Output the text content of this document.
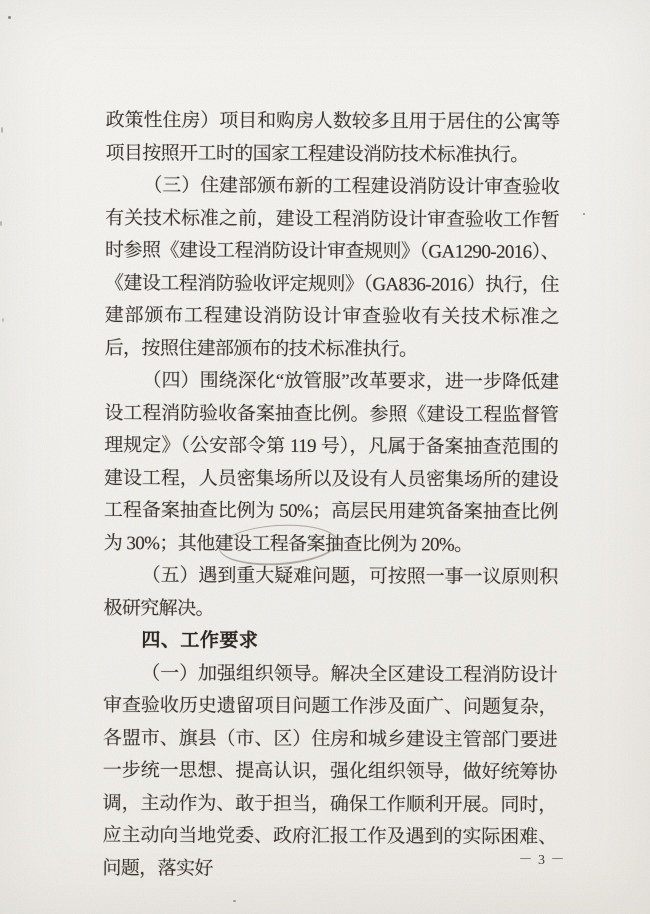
政策性住房）项目和购房人数较多且用于居住的公寓等项目按照开工时的国家工程建设消防技术标准执行。

（三）住建部颁布新的工程建设消防设计审查验收有关技术标准之前，建设工程消防设计审查验收工作暂时参照《建设工程消防设计审查规则》（GA1290-2016）、《建设工程消防验收评定规则》（GA836-2016）执行，住建部颁布工程建设消防设计审查验收有关技术标准之后，按照住建部颁布的技术标准执行。

（四）围绕深化“放管服”改革要求，进一步降低建设工程消防验收备案抽查比例。参照《建设工程监督管理规定》（公安部令第 119 号），凡属于备案抽查范围的建设工程，人员密集场所以及设有人员密集场所的建设工程备案抽查比例为 50%；高层民用建筑备案抽查比例为 30%；其他建设工程备案抽查比例为 20%。

（五）遇到重大疑难问题，可按照一事一议原则积极研究解决。

四、工作要求

（一）加强组织领导。解决全区建设工程消防设计审查验收历史遗留项目问题工作涉及面广、问题复杂，各盟市、旗县（市、区）住房和城乡建设主管部门要进一步统一思想、提高认识，强化组织领导，做好统筹协调，主动作为、敢于担当，确保工作顺利开展。同时，应主动向当地党委、政府汇报工作及遇到的实际困难、问题，落实好	－ 3 －
